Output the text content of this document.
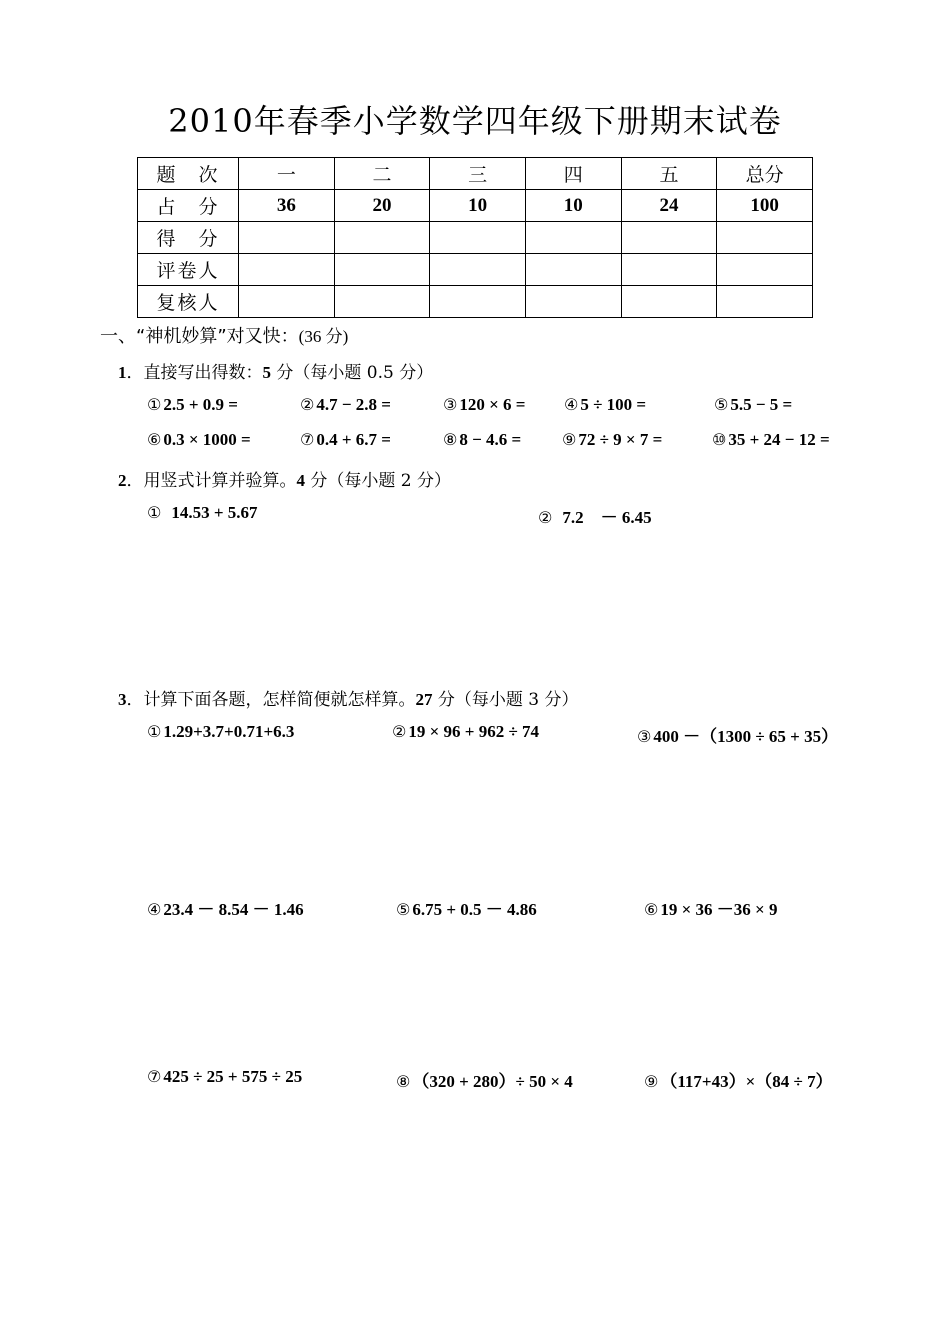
2010年春季小学数学四年级下册期末试卷
题　次	一	二	三	四	五	总分
占　分	36	20	10	10	24	100
得　分						
评卷人						
复核人						
一、“神机妙算”对又快：(36 分)
1．直接写出得数：5 分（每小题 0.5 分）
① 2.5 + 0.9 =	② 4.7 − 2.8 =	③ 120 × 6 = ④ 5 ÷ 100 =	⑤ 5.5 − 5 =
⑥ 0.3 × 1000 =	⑦ 0.4 + 6.7 =	⑧ 8 − 4.6 =	⑨ 72 ÷ 9 × 7 =	⑩ 35 + 24 − 12 =
2．用竖式计算并验算。4 分（每小题 2 分）
① 14.53 + 5.67	② 7.2　－ 6.45
3．计算下面各题，怎样简便就怎样算。27 分（每小题 3 分）
① 1.29+3.7+0.71+6.3	② 19 × 96 + 962 ÷ 74	③ 400 －（1300 ÷ 65 + 35）
④ 23.4 － 8.54 － 1.46	⑤ 6.75 + 0.5 － 4.86	⑥ 19 × 36 －36 × 9
⑦ 425 ÷ 25 + 575 ÷ 25	⑧ （320 + 280）÷ 50 × 4	⑨ （117+43）×（84 ÷ 7）
